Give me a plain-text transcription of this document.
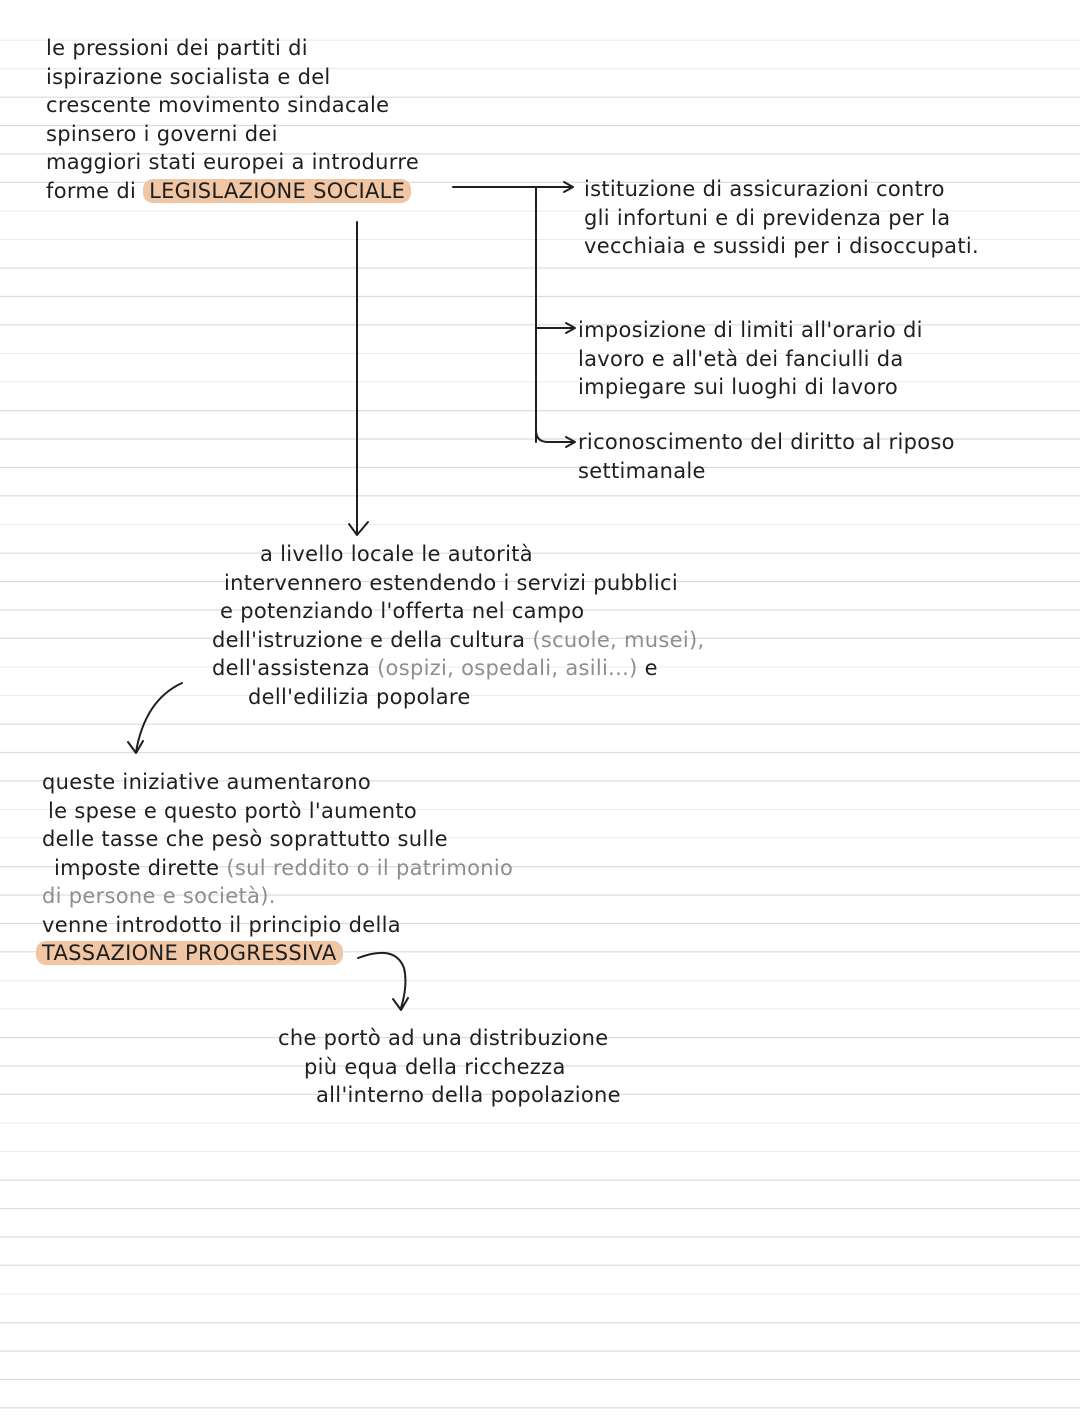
le pressioni dei partiti di
ispirazione socialista e del
crescente movimento sindacale
spinsero i governi dei
maggiori stati europei a introdurre
forme di LEGISLAZIONE SOCIALE	istituzione di assicurazioni contro
gli infortuni e di previdenza per la
vecchiaia e sussidi per i disoccupati.
imposizione di limiti all'orario di
lavoro e all'età dei fanciulli da
impiegare sui luoghi di lavoro
riconoscimento del diritto al riposo
settimanale
a livello locale le autorità
intervennero estendendo i servizi pubblici
e potenziando l'offerta nel campo
dell'istruzione e della cultura (scuole, musei),
dell'assistenza (ospizi, ospedali, asili...) e
dell'edilizia popolare
queste iniziative aumentarono
le spese e questo portò l'aumento
delle tasse che pesò soprattutto sulle
imposte dirette (sul reddito o il patrimonio
di persone e società).
venne introdotto il principio della
TASSAZIONE PROGRESSIVA
che portò ad una distribuzione
più equa della ricchezza
all'interno della popolazione
